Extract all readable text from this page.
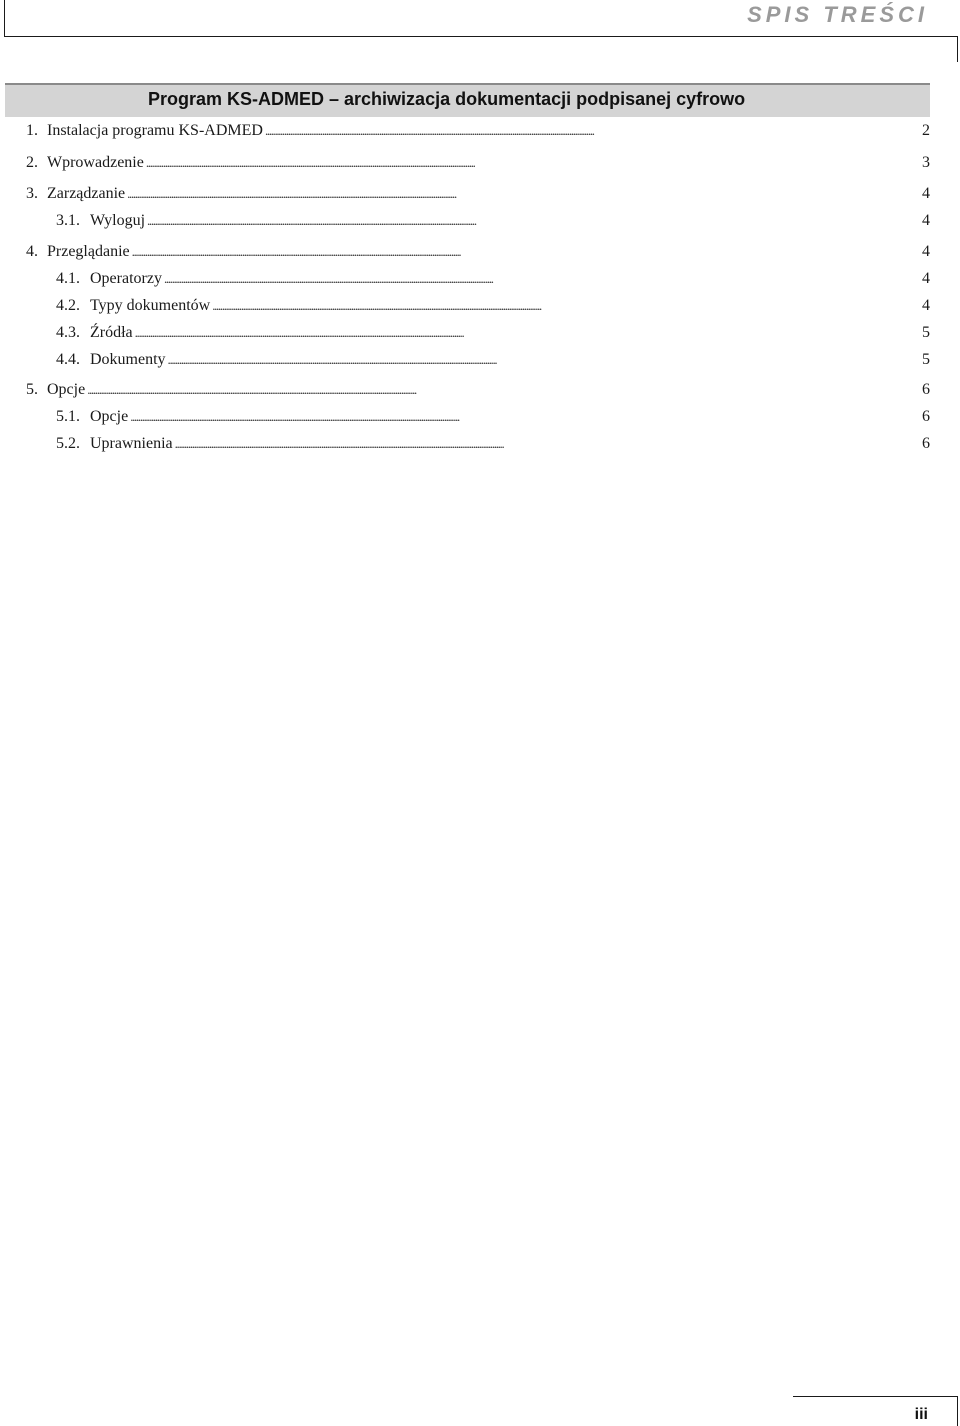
SPIS TREŚCI
Program KS-ADMED – archiwizacja dokumentacji podpisanej cyfrowo
1. Instalacja programu KS-ADMED . . .	2
2. Wprowadzenie . . .	3
3. Zarządzanie . . .	4
3.1. Wyloguj . . .	4
4. Przeglądanie . . .	4
4.1. Operatorzy . . .	4
4.2. Typy dokumentów . . .	4
4.3. Źródła . . .	5
4.4. Dokumenty . . .	5
5. Opcje . . .	6
5.1. Opcje . . .	6
5.2. Uprawnienia . . .	6
iii
